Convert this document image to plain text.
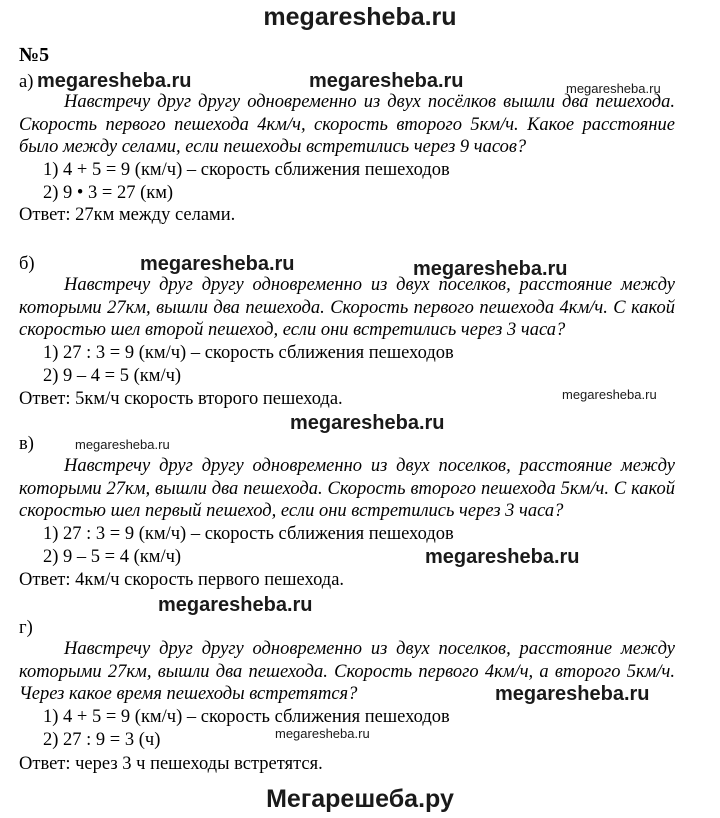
megaresheba.ru
№5
а)

Навстречу друг другу одновременно из двух посёлков вышли два пешехода. Скорость первого пешехода 4км/ч, скорость второго 5км/ч. Какое расстояние было между селами, если пешеходы встретились через 9 часов?

1) 4 + 5 = 9 (км/ч) – скорость сближения пешеходов
2) 9 • 3 = 27 (км)
Ответ: 27км между селами.
б)

Навстречу друг другу одновременно из двух поселков, расстояние между которыми 27км, вышли два пешехода. Скорость первого пешехода 4км/ч. С какой скоростью шел второй пешеход, если они встретились через 3 часа?

1) 27 : 3 = 9 (км/ч) – скорость сближения пешеходов
2) 9 – 4 = 5 (км/ч)
Ответ: 5км/ч скорость второго пешехода.
в)

Навстречу друг другу одновременно из двух поселков, расстояние между которыми 27км, вышли два пешехода. Скорость второго пешехода 5км/ч. С какой скоростью шел первый пешеход, если они встретились через 3 часа?

1) 27 : 3 = 9 (км/ч) – скорость сближения пешеходов
2) 9 – 5 = 4 (км/ч)
Ответ: 4км/ч скорость первого пешехода.
г)

Навстречу друг другу одновременно из двух поселков, расстояние между которыми 27км, вышли два пешехода. Скорость первого 4км/ч, а второго 5км/ч. Через какое время пешеходы встретятся?

1) 4 + 5 = 9 (км/ч) – скорость сближения пешеходов
2) 27 : 9 = 3 (ч)
Ответ: через 3 ч пешеходы встретятся.
megaresheba.ru	megaresheba.ru	megaresheba.ru
megaresheba.ru	megaresheba.ru
megaresheba.ru
megaresheba.ru
megaresheba.ru
megaresheba.ru
megaresheba.ru
megaresheba.ru
megaresheba.ru
Мегарешеба.ру
